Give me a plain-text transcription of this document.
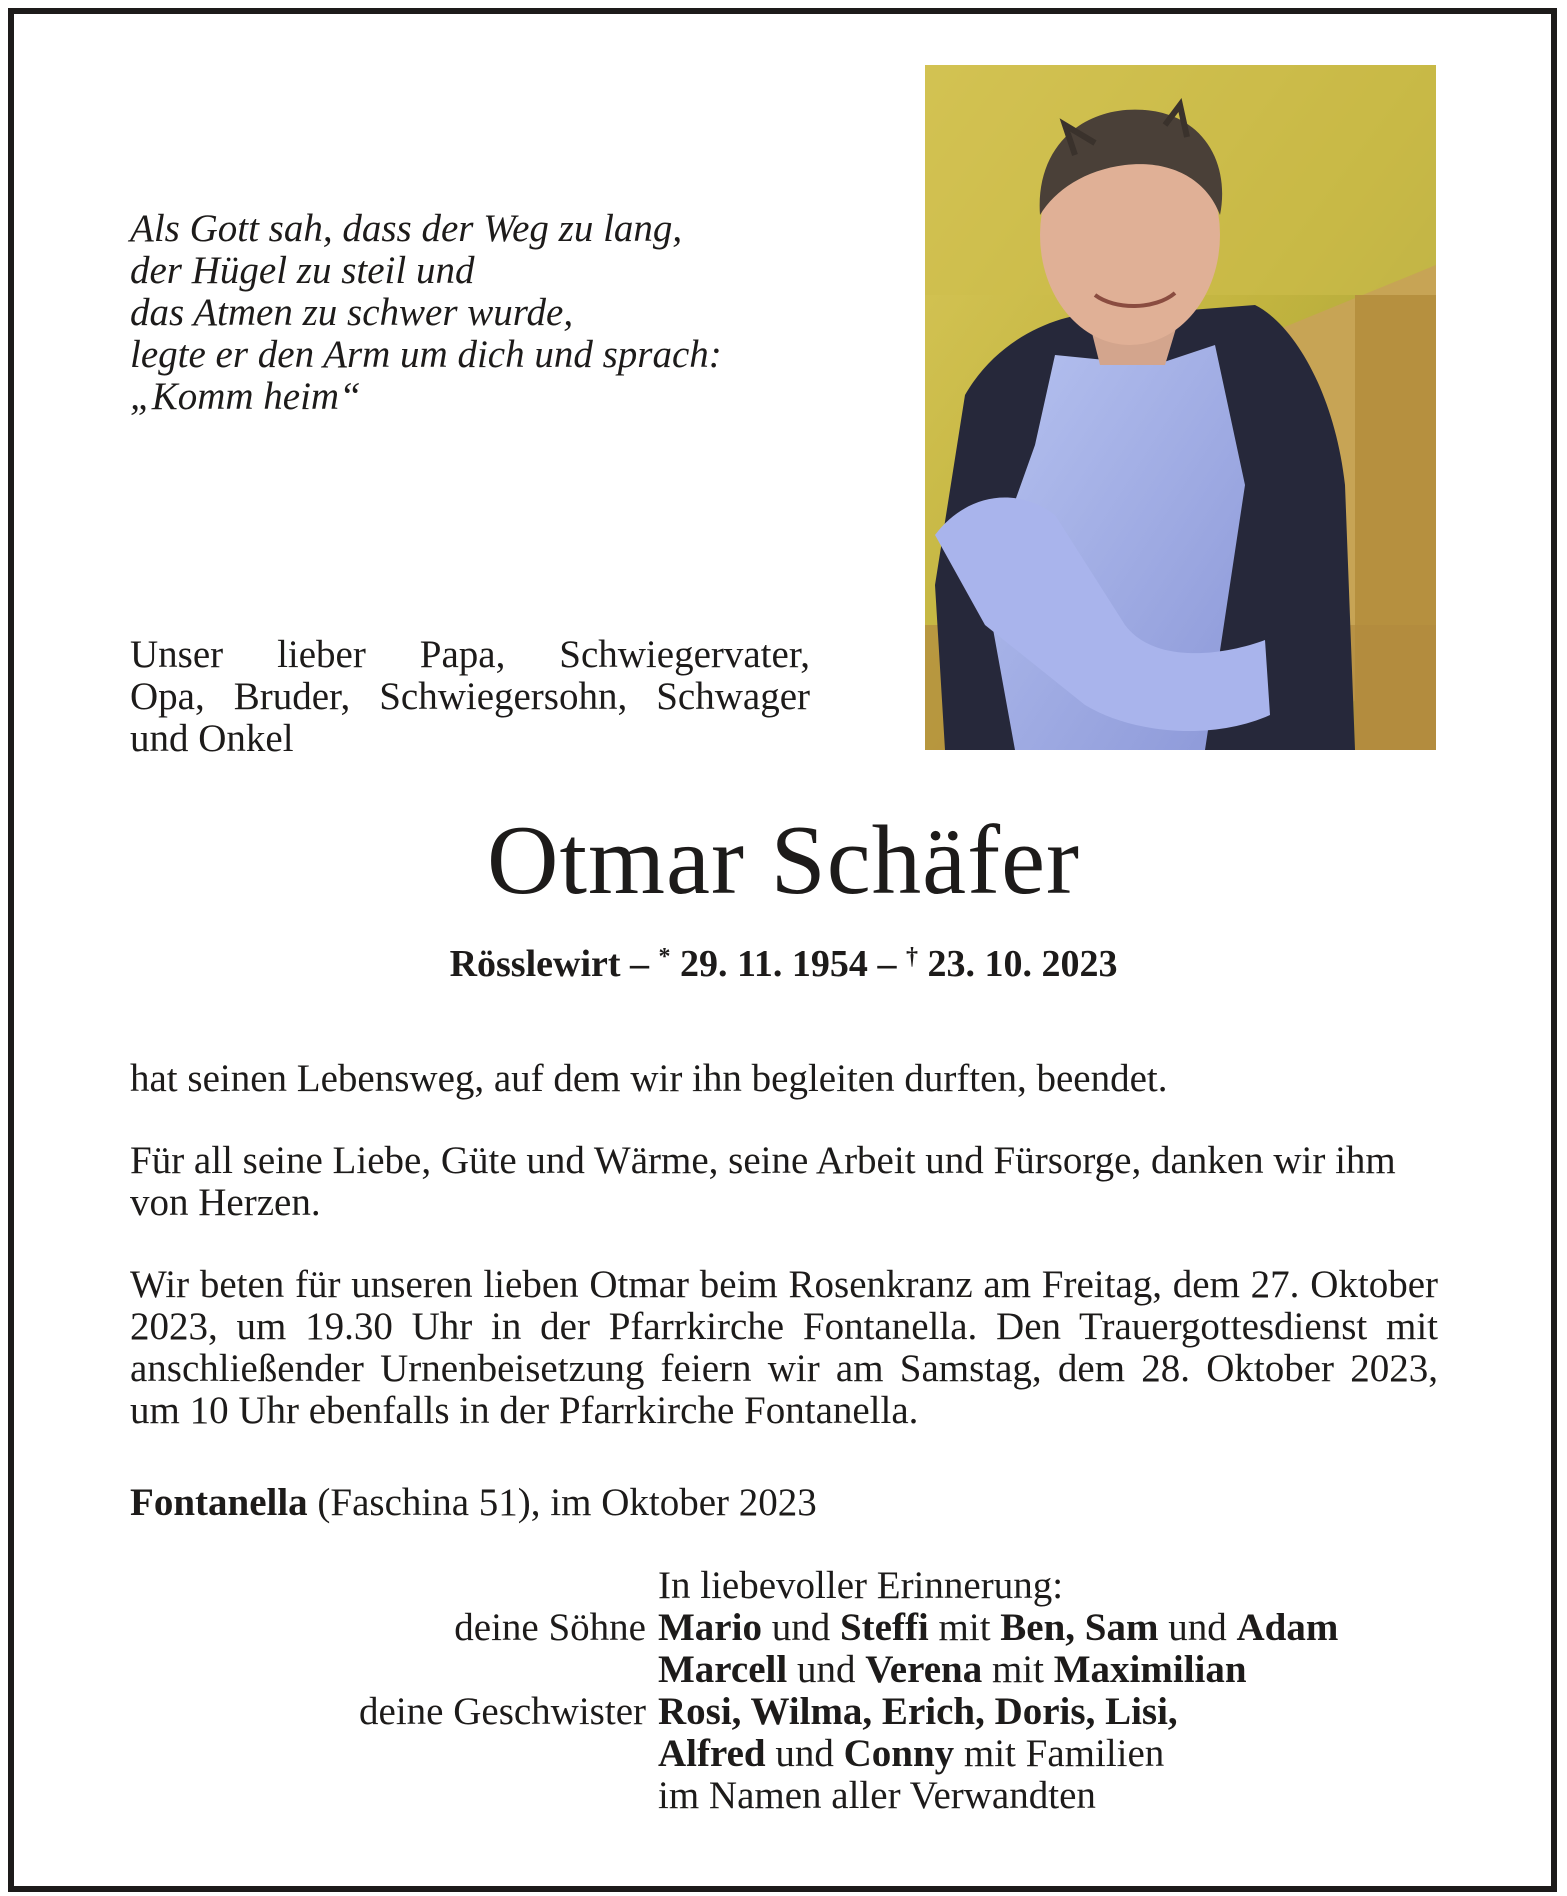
Als Gott sah, dass der Weg zu lang,
der Hügel zu steil und
das Atmen zu schwer wurde,
legte er den Arm um dich und sprach:
„Komm heim“
Unser lieber Papa, Schwiegervater,
Opa, Bruder, Schwiegersohn, Schwager
und Onkel
Otmar Schäfer
Rösslewirt – * 29. 11. 1954 – † 23. 10. 2023

hat seinen Lebensweg, auf dem wir ihn begleiten durften, beendet.

Für all seine Liebe, Güte und Wärme, seine Arbeit und Fürsorge, danken wir ihm von Herzen.

Wir beten für unseren lieben Otmar beim Rosenkranz am Freitag, dem 27. Oktober 2023, um 19.30 Uhr in der Pfarrkirche Fontanella. Den Trauergottesdienst mit anschließender Urnenbeisetzung feiern wir am Samstag, dem 28. Oktober 2023, um 10 Uhr ebenfalls in der Pfarrkirche Fontanella.

Fontanella (Faschina 51), im Oktober 2023
In liebevoller Erinnerung:
deine Söhne Mario und Steffi mit Ben, Sam und Adam
Marcell und Verena mit Maximilian
deine Geschwister Rosi, Wilma, Erich, Doris, Lisi,
Alfred und Conny mit Familien
im Namen aller Verwandten
